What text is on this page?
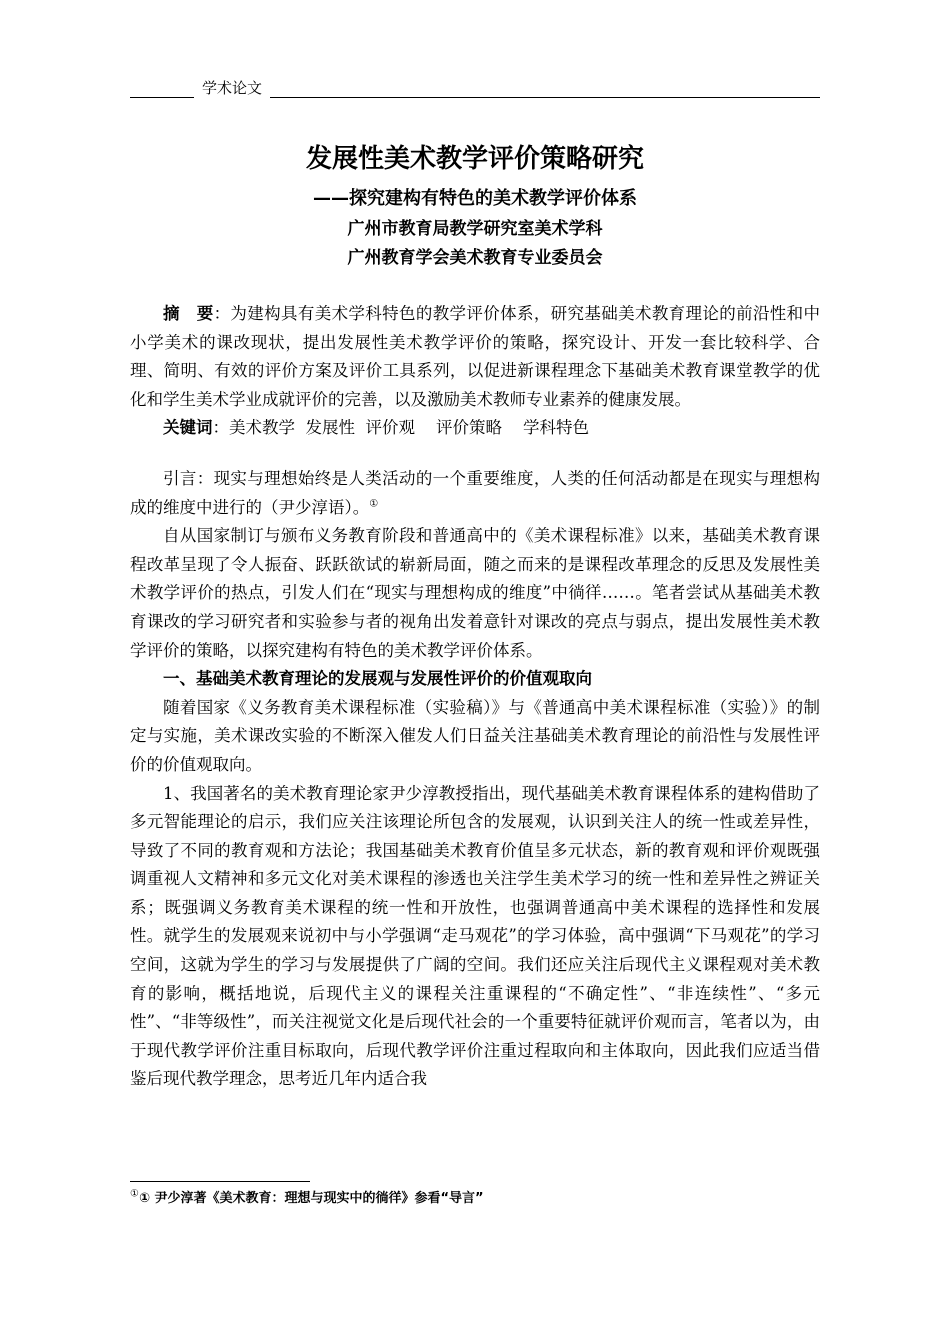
学术论文
发展性美术教学评价策略研究
——探究建构有特色的美术教学评价体系
广州市教育局教学研究室美术学科
广州教育学会美术教育专业委员会

摘　要：为建构具有美术学科特色的教学评价体系，研究基础美术教育理论的前沿性和中小学美术的课改现状，提出发展性美术教学评价的策略，探究设计、开发一套比较科学、合理、简明、有效的评价方案及评价工具系列，以促进新课程理念下基础美术教育课堂教学的优化和学生美术学业成就评价的完善，以及激励美术教师专业素养的健康发展。

关键词：美术教学  发展性  评价观    评价策略    学科特色

引言：现实与理想始终是人类活动的一个重要维度，人类的任何活动都是在现实与理想构成的维度中进行的（尹少淳语）。①

自从国家制订与颁布义务教育阶段和普通高中的《美术课程标准》以来，基础美术教育课程改革呈现了令人振奋、跃跃欲试的崭新局面，随之而来的是课程改革理念的反思及发展性美术教学评价的热点，引发人们在“现实与理想构成的维度”中徜徉……。笔者尝试从基础美术教育课改的学习研究者和实验参与者的视角出发着意针对课改的亮点与弱点，提出发展性美术教学评价的策略，以探究建构有特色的美术教学评价体系。

一、基础美术教育理论的发展观与发展性评价的价值观取向

随着国家《义务教育美术课程标准（实验稿）》与《普通高中美术课程标准（实验）》的制定与实施，美术课改实验的不断深入催发人们日益关注基础美术教育理论的前沿性与发展性评价的价值观取向。

1、我国著名的美术教育理论家尹少淳教授指出，现代基础美术教育课程体系的建构借助了多元智能理论的启示，我们应关注该理论所包含的发展观，认识到关注人的统一性或差异性，导致了不同的教育观和方法论；我国基础美术教育价值呈多元状态，新的教育观和评价观既强调重视人文精神和多元文化对美术课程的渗透也关注学生美术学习的统一性和差异性之辨证关系；既强调义务教育美术课程的统一性和开放性，也强调普通高中美术课程的选择性和发展性。就学生的发展观来说初中与小学强调“走马观花”的学习体验，高中强调“下马观花”的学习空间，这就为学生的学习与发展提供了广阔的空间。我们还应关注后现代主义课程观对美术教育的影响，概括地说，后现代主义的课程关注重课程的“不确定性”、“非连续性”、“多元性”、“非等级性”，而关注视觉文化是后现代社会的一个重要特征就评价观而言，笔者以为，由于现代教学评价注重目标取向，后现代教学评价注重过程取向和主体取向，因此我们应适当借鉴后现代教学理念，思考近几年内适合我

①① 尹少淳著《美术教育：理想与现实中的徜徉》参看“导言”
